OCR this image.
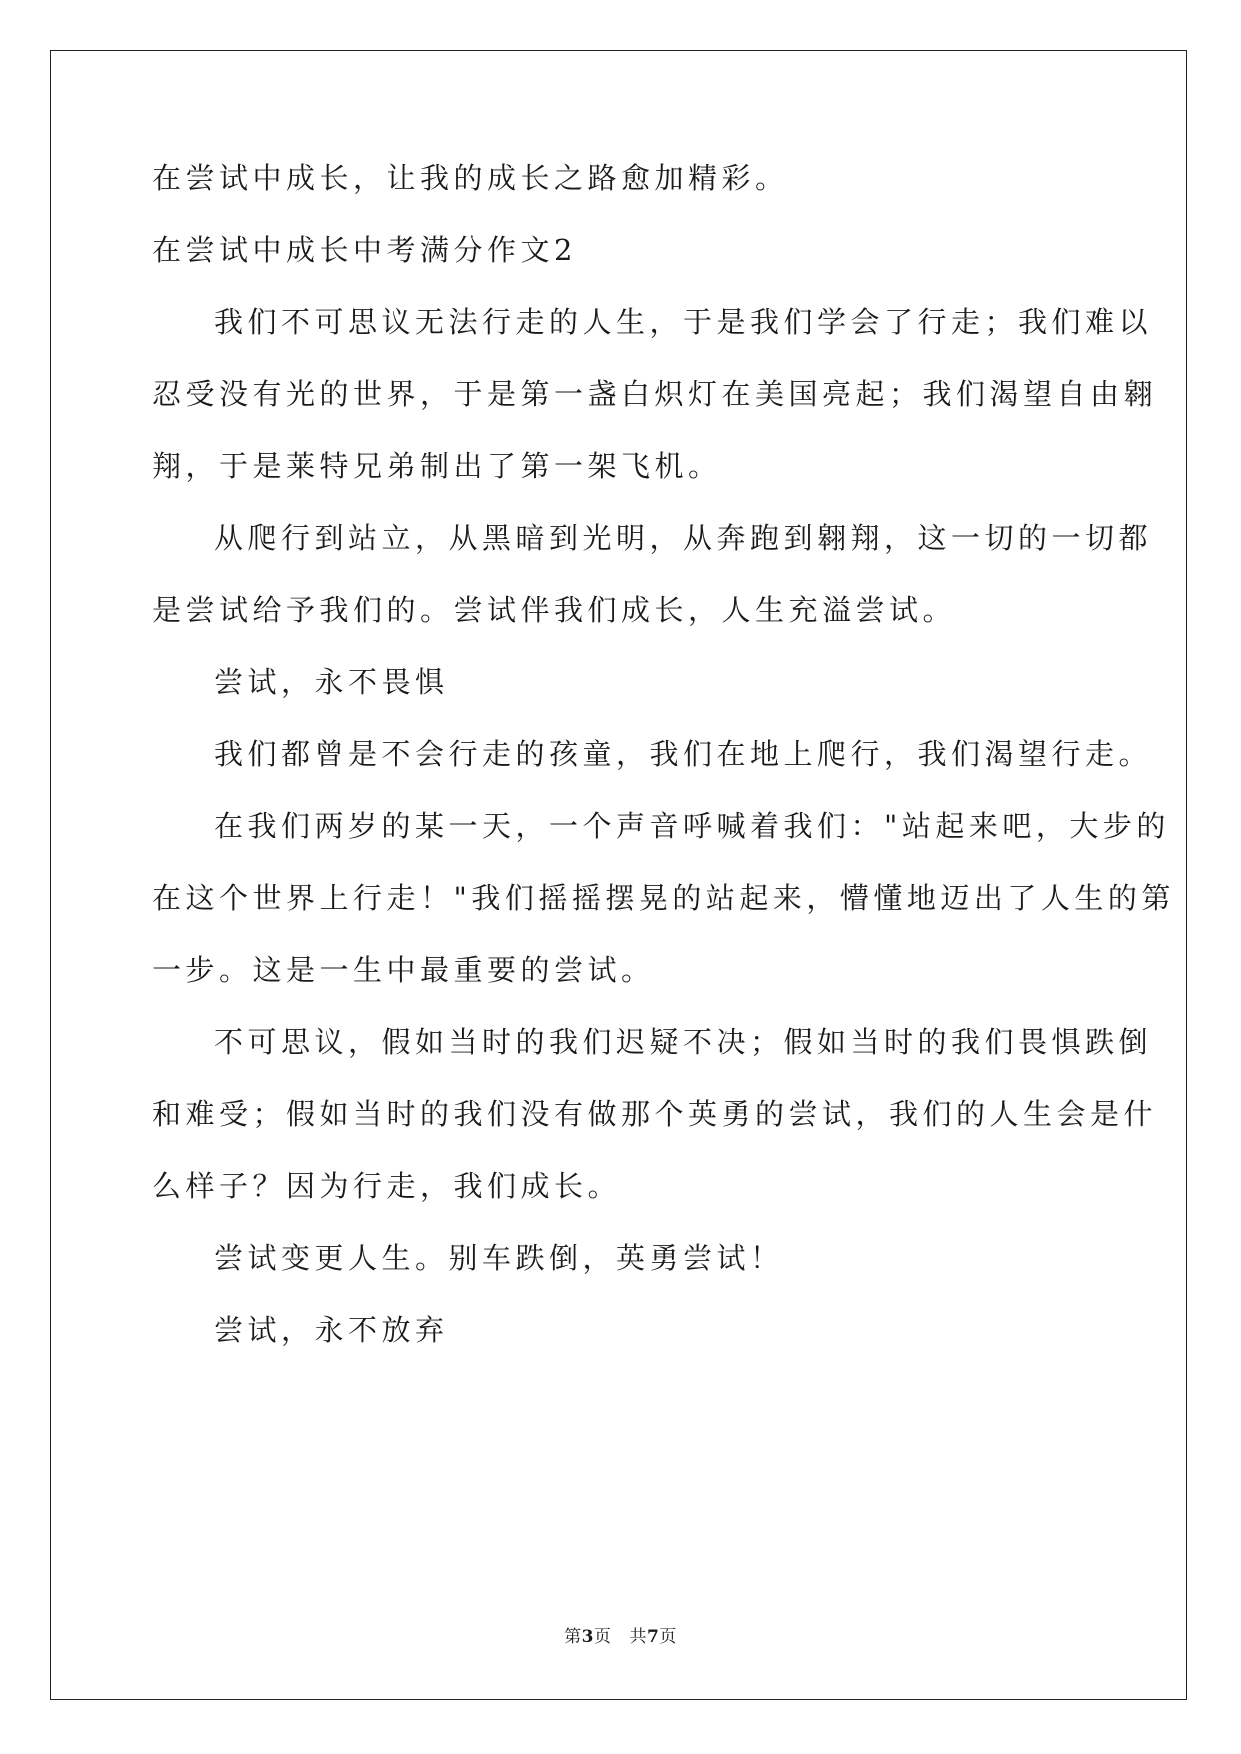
在尝试中成长，让我的成长之路愈加精彩。
在尝试中成长中考满分作文2
我们不可思议无法行走的人生，于是我们学会了行走；我们难以
忍受没有光的世界，于是第一盏白炽灯在美国亮起；我们渴望自由翱
翔，于是莱特兄弟制出了第一架飞机。
从爬行到站立，从黑暗到光明，从奔跑到翱翔，这一切的一切都
是尝试给予我们的。尝试伴我们成长，人生充溢尝试。
尝试，永不畏惧
我们都曾是不会行走的孩童，我们在地上爬行，我们渴望行走。
在我们两岁的某一天，一个声音呼喊着我们："站起来吧，大步的
在这个世界上行走！"我们摇摇摆晃的站起来，懵懂地迈出了人生的第
一步。这是一生中最重要的尝试。
不可思议，假如当时的我们迟疑不决；假如当时的我们畏惧跌倒
和难受；假如当时的我们没有做那个英勇的尝试，我们的人生会是什
么样子？因为行走，我们成长。
尝试变更人生。别车跌倒，英勇尝试！
尝试，永不放弃
第3页 共7页
